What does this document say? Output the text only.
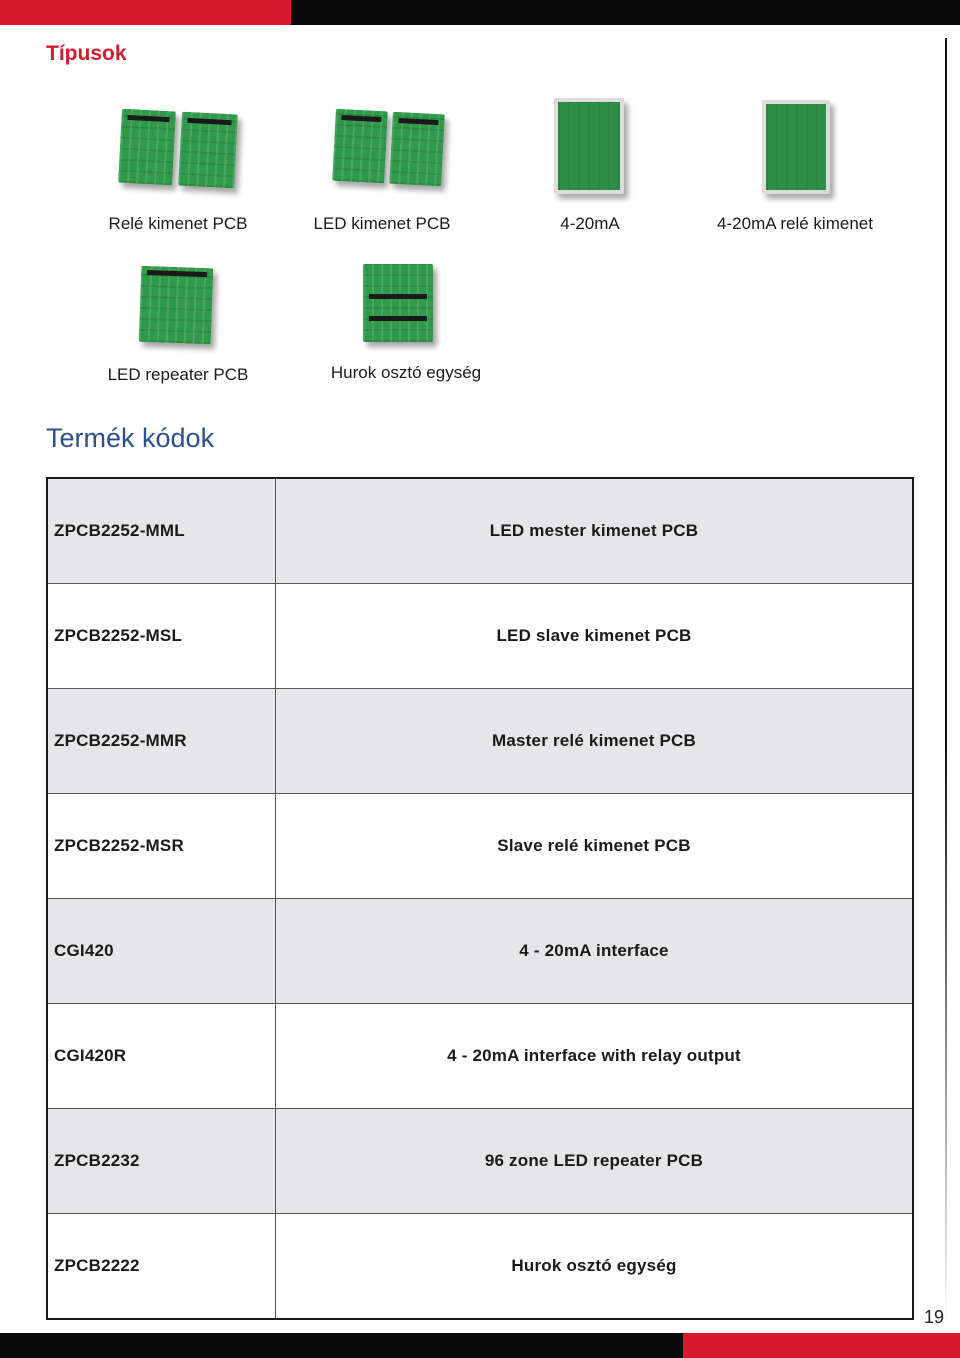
Típusok
Relé kimenet PCB	LED kimenet PCB	4-20mA	4-20mA relé kimenet
LED repeater PCB	Hurok osztó egység
Termék kódok
ZPCB2252-MML	LED mester kimenet PCB
ZPCB2252-MSL	LED slave kimenet PCB
ZPCB2252-MMR	Master relé kimenet PCB
ZPCB2252-MSR	Slave relé kimenet PCB
CGI420	4 - 20mA interface
CGI420R	4 - 20mA interface with relay output
ZPCB2232	96 zone LED repeater PCB
ZPCB2222	Hurok osztó egység
19
